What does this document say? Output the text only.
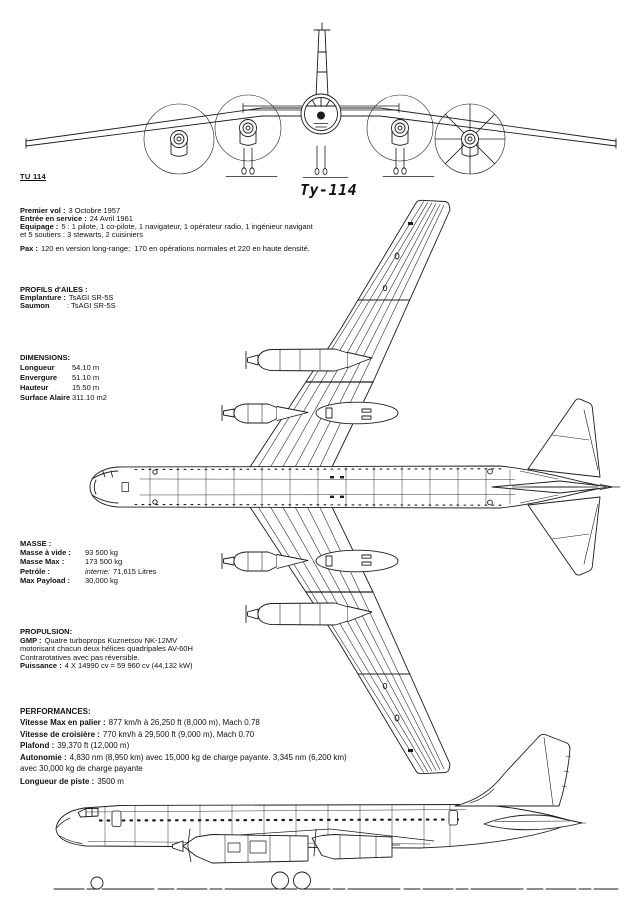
TU 114
Ty-114
Premier vol : 3 Octobre 1957
Entrée en service : 24 Avril 1961
Equipage : 5 : 1 pilote, 1 co-pilote, 1 navigateur, 1 opérateur radio, 1 ingénieur navigant
et 5 soutiers : 3 stewarts, 2 cuisiniers
Pax : 120 en version long-range;  170 en opérations normales et 220 en haute densité.
PROFILS d'AILES :
Emplanture : TsAGI SR-5S
Saumon : TsAGI SR-5S
DIMENSIONS:
Longueur 54.10 m
Envergure 51.10 m
Hauteur	15.50 m
Surface Alaire 311.10 m2
MASSE :
Masse à vide : 93 500 kg
Masse Max :	173 500 kg
Petróle :	interne: 71,615 Litres
Max Payload : 30,000 kg
PROPULSION:
GMP : Quatre turboprops Kuznetsov NK-12MV
motorisant chacun deux hélices quadripales AV-60H
Contrarotatives avec pas réversible.
Puissance : 4 X 14990 cv = 59 960 cv (44,132 kW)
PERFORMANCES:
Vitesse Max en palier : 877 km/h à 26,250 ft (8,000 m), Mach 0.78
Vitesse de croisière : 770 km/h à 29,500 ft (9,000 m), Mach 0.70
Plafond : 39,370 ft (12,000 m)
Autonomie : 4,830 nm (8,950 km) avec 15,000 kg de charge payante. 3,345 nm (6,200 km)
avec 30,000 kg de charge payante
Longueur de piste : 3500 m
